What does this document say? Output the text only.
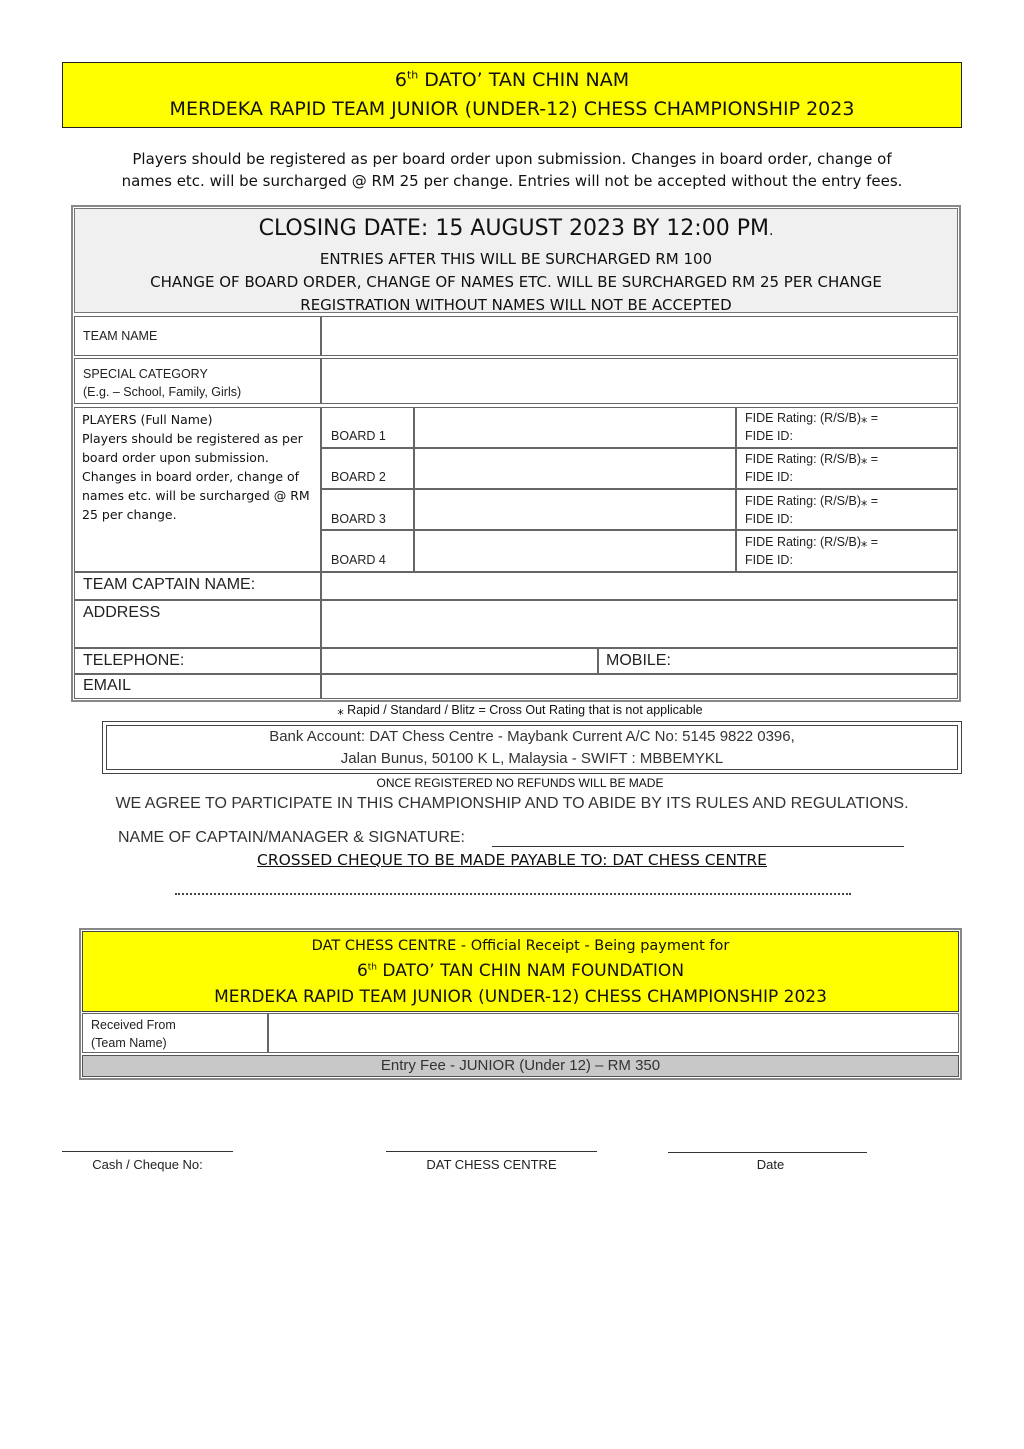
6th DATO’ TAN CHIN NAM
MERDEKA RAPID TEAM JUNIOR (UNDER-12) CHESS CHAMPIONSHIP 2023
Players should be registered as per board order upon submission. Changes in board order, change of
names etc. will be surcharged @ RM 25 per change. Entries will not be accepted without the entry fees.
CLOSING DATE: 15 AUGUST 2023 BY 12:00 PM.
ENTRIES AFTER THIS WILL BE SURCHARGED RM 100
CHANGE OF BOARD ORDER, CHANGE OF NAMES ETC. WILL BE SURCHARGED RM 25 PER CHANGE
REGISTRATION WITHOUT NAMES WILL NOT BE ACCEPTED
TEAM NAME
SPECIAL CATEGORY
(E.g. – School, Family, Girls)
PLAYERS (Full Name)
Players should be registered as per board order upon submission. Changes in board order, change of names etc. will be surcharged @ RM 25 per change.
BOARD 1
FIDE Rating: (R/S/B)⁎ =
FIDE ID:
BOARD 2
FIDE Rating: (R/S/B)⁎ =
FIDE ID:
BOARD 3
FIDE Rating: (R/S/B)⁎ =
FIDE ID:
BOARD 4
FIDE Rating: (R/S/B)⁎ =
FIDE ID:
TEAM CAPTAIN NAME:
ADDRESS
TELEPHONE:	MOBILE:
EMAIL
⁎ Rapid / Standard / Blitz = Cross Out Rating that is not applicable
Bank Account: DAT Chess Centre - Maybank Current A/C No: 5145 9822 0396,
Jalan Bunus, 50100 K L, Malaysia - SWIFT : MBBEMYKL
ONCE REGISTERED NO REFUNDS WILL BE MADE
WE AGREE TO PARTICIPATE IN THIS CHAMPIONSHIP AND TO ABIDE BY ITS RULES AND REGULATIONS.
NAME OF CAPTAIN/MANAGER & SIGNATURE:
CROSSED CHEQUE TO BE MADE PAYABLE TO: DAT CHESS CENTRE
DAT CHESS CENTRE - Official Receipt - Being payment for
6th DATO’ TAN CHIN NAM FOUNDATION
MERDEKA RAPID TEAM JUNIOR (UNDER-12) CHESS CHAMPIONSHIP 2023
Received From
(Team Name)
Entry Fee - JUNIOR (Under 12) – RM 350
Cash / Cheque No:	DAT CHESS CENTRE	Date
